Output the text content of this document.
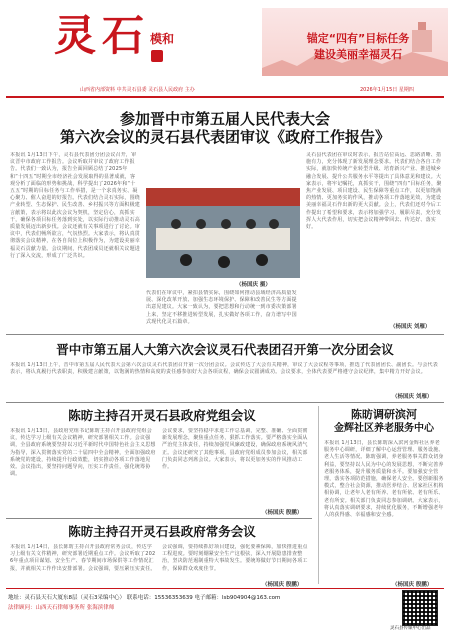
灵石 模和	锚定“四有”目标任务
建设美丽幸福灵石
山西省内部资料 中共灵石县委 灵石县人民政府 主办	2026年1月15日 星期四
参加晋中市第五届人民代表大会
第六次会议的灵石县代表团审议《政府工作报告》
本报讯 1月13日下午，灵石县代表团分团会议召开，审议晋中市政府工作报告。会议听取并审议了政府工作报告。代表们一致认为，报告全面回顾总结了2025年和“十四五”时期全市经济社会发展取得的显著成就，客观分析了面临的形势和挑战，科学提出了2026年和“十五五”时期的目标任务与工作举措，是一个求真务实、凝心聚力、催人奋进的好报告。代表们结合灵石实际，围绕产业转型、生态保护、民生改善、乡村振兴等方面积极建言献策，表示将以此次会议为契机，坚定信心，真抓实干，确保各项目标任务落到实处，以实际行动推动灵石高质量发展迈出新步伐。会议还就有关事项进行了讨论。审议中，代表们畅所欲言，气氛热烈。大家表示，将认真贯彻落实会议精神，在各自岗位上积极作为，为建设美丽幸福灵石贡献力量。会议期间，代表团成员还就相关议题进行了深入交流，形成了广泛共识。
（杨国庆 摄）
代表们在审议中，紧扣县情实际，围绕如何推动县域经济高质量发展、深化改革开放、加强生态环境保护、保障和改善民生等方面提出意见建议。大家一致认为，要把思想和行动统一到市委决策部署上来，坚定不移推进转型发展，扎实做好各项工作，奋力谱写中国式现代化灵石篇章。
灵石县代表团在审议时表示，报告站位高远、思路清晰、措施有力，充分体现了新发展理念要求。代表们结合各自工作实际，就加快传统产业转型升级、培育新兴产业、推进城乡融合发展、提升公共服务水平等提出了具体意见和建议。大家表示，将牢记嘱托，真抓实干，围绕“四有”目标任务，聚焦产业发展、项目建设、民生保障等重点工作，以更加饱满的热情、更加务实的作风，推动各项工作落地见效，为建设美丽幸福灵石作出新的更大贡献。会上，代表们还对今后工作提出了希望和要求，表示将加强学习、履职尽责，充分发挥人大代表作用，切实把会议精神带回去、传达好、落实好。
（杨国庆 刘雁）
晋中市第五届人大第六次会议灵石代表团召开第一次分团会议
本报讯 1月13日上午，晋中市第五届人民代表大会第六次会议灵石代表团召开第一次分团会议。会议传达了大会有关精神，审议了大会议程等事项，推选了代表团团长、副团长。与会代表表示，将认真履行代表职责，积极建言献策，以饱满的热情和高度的责任感参加好大会各项议程，确保会议圆满成功。会议要求，全体代表要严格遵守会议纪律，集中精力开好会议。
（杨国庆 刘雁）
陈昉主持召开灵石县政府党组会议
本报讯 1月13日，县政府党组书记陈昉主持召开县政府党组会议，传达学习上级有关会议精神，研究部署相关工作。会议强调，全县政府系统要坚持以习近平新时代中国特色社会主义思想为指导，深入贯彻落实党的二十届四中全会精神，全面加强政府系统党的建设，持续提升行政效能，切实推动各项工作落地见效。会议指出，要坚持问题导向，压实工作责任，强化统筹协调。
会议要求，要坚持稳中求进工作总基调，完整、准确、全面贯彻新发展理念，聚焦重点任务，狠抓工作落实。要严格落实全面从严治党主体责任，持续加强党风廉政建设，确保政府系统风清气正。会议还研究了其他事项。县政府党组成员参加会议，相关部门负责同志列席会议。大家表示，将以更加务实的作风推动工作。
（杨国庆 殷鹏）
陈昉主持召开灵石县政府常务会议
本报讯 1月14日，县长陈昉主持召开县政府常务会议，传达学习上级有关文件精神，研究部署近期重点工作。会议听取了2026年重点项目谋划、安全生产、春节期间市场保供等工作情况汇报，并就相关工作作出安排部署。会议强调，要压紧压实责任。
会议强调，要持续抓好项目建设，强化要素保障，加快推进重点工程进度。要时刻绷紧安全生产这根弦，深入开展隐患排查整治，坚决防范遏制重特大事故发生。要统筹做好节日期间各项工作，保障群众欢度佳节。
（杨国庆 殷鹏）
陈昉调研滨河
金辉社区养老服务中心
本报讯 1月13日，县长陈昉深入滨河金辉社区养老服务中心调研，详细了解中心运营管理、服务设施、老人生活等情况。陈昉强调，养老服务事关群众切身利益，要坚持以人民为中心的发展思想，不断完善养老服务体系，提升服务质量和水平。要加强安全管理，落实各项防范措施，确保老人安全。要创新服务模式，整合社会资源，推动医养结合、居家社区机构相协调，让老年人老有所养、老有所依、老有所乐、老有所安。相关部门负责同志参加调研。大家表示，将认真落实调研要求，持续优化服务，不断增强老年人的获得感、幸福感和安全感。
（杨国庆 殷鹏）
地址：灵石县天石大厦东8层（灵石3采编中心） 联系电话：15536353639 电子邮箱：lsb904904@163.com
法律顾问：山西天石律师事务所 张海滨律师
灵石县传媒中心出品
